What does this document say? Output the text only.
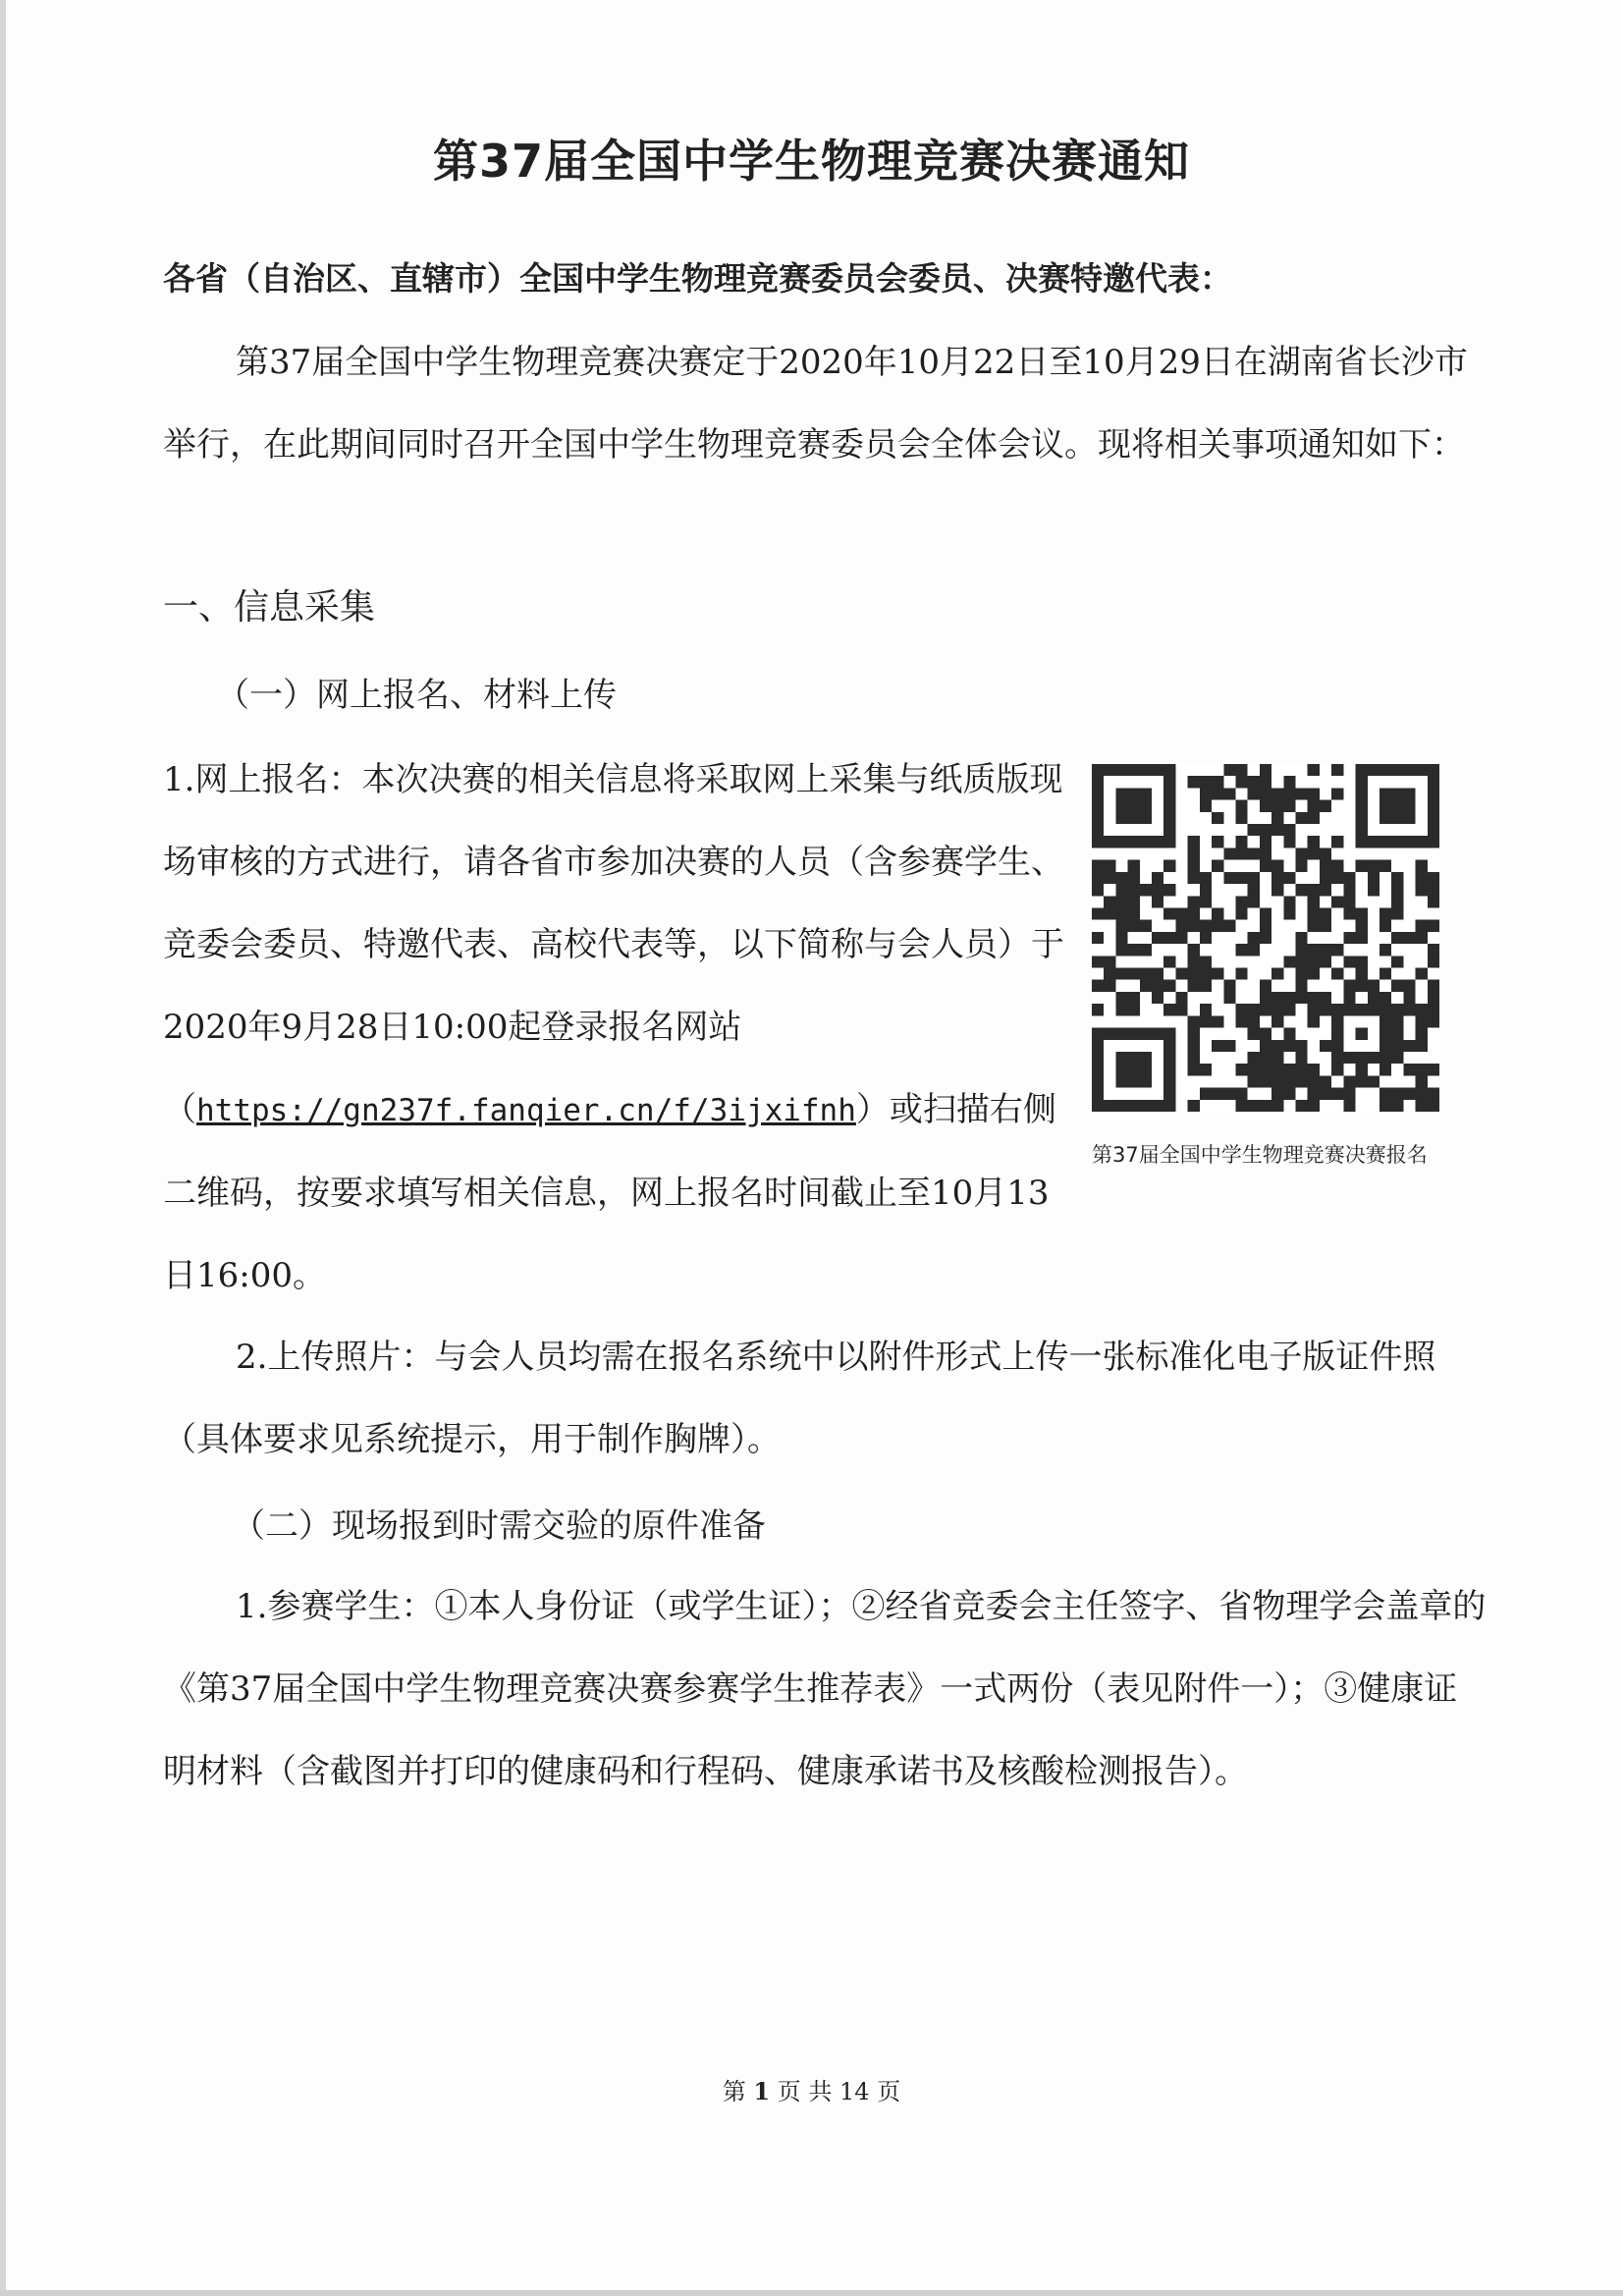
第37届全国中学生物理竞赛决赛通知
各省（自治区、直辖市）全国中学生物理竞赛委员会委员、决赛特邀代表：
第37届全国中学生物理竞赛决赛定于2020年10月22日至10月29日在湖南省长沙市举行，在此期间同时召开全国中学生物理竞赛委员会全体会议。现将相关事项通知如下：
一、信息采集
（一）网上报名、材料上传
1.网上报名：本次决赛的相关信息将采取网上采集与纸质版现场审核的方式进行，请各省市参加决赛的人员（含参赛学生、竞委会委员、特邀代表、高校代表等，以下简称与会人员）于2020年9月28日10:00起登录报名网站（https://gn237f.fanqier.cn/f/3ijxifnh）或扫描右侧二维码，按要求填写相关信息，网上报名时间截止至10月13日16:00。
第37届全国中学生物理竞赛决赛报名
2.上传照片：与会人员均需在报名系统中以附件形式上传一张标准化电子版证件照（具体要求见系统提示，用于制作胸牌）。
（二）现场报到时需交验的原件准备
1.参赛学生：①本人身份证（或学生证）；②经省竞委会主任签字、省物理学会盖章的《第37届全国中学生物理竞赛决赛参赛学生推荐表》一式两份（表见附件一）；③健康证明材料（含截图并打印的健康码和行程码、健康承诺书及核酸检测报告）。
第 1 页 共 14 页
